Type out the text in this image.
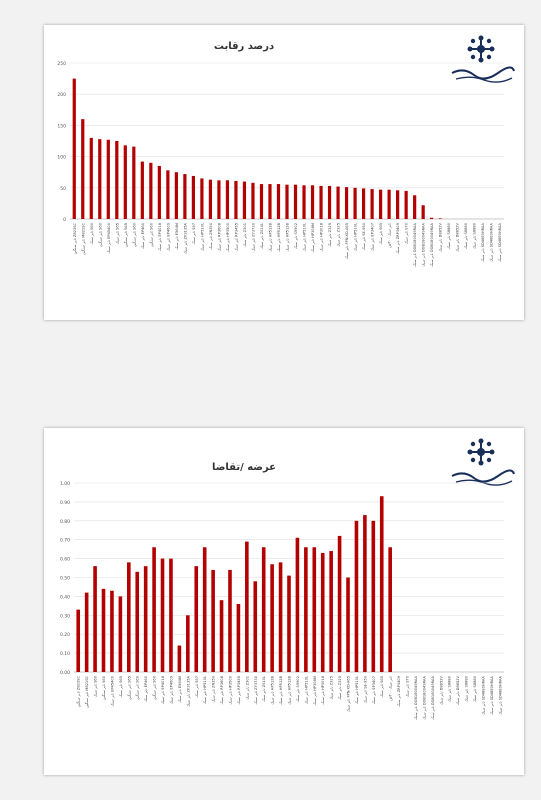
درصد رقابت
0
50
100
150
200
250
تایر سنگین Z823SC
تایر سنگین M821SC تایر سبک S60
تایر سنگین S60
تایر سبک EP45400 تایر سبک S65
تایر سنگین S65
تایر سنگین S60
تایر سبک EP460
تایر سنگین S60
تایر سبک EP4018
تایر سبک EP4609
تایر سبک E564M
تایر سبک ZK3135A تایر سبک S97
تایر سبک HP510L
تایر سبک ZN350
تایر سبک RP3608
تایر سبک HP3500
تایر سبک RP3455
تایر سبک Z301
تایر سبک ZY3730
تایر سبک ZS10L
تایر سبک HP512B
تایر سبک HP512B
تایر سبک HP512B
تایر سبک S9902
تایر سبک HP510L
تایر سبک HP308M
تایر سبک HP3018
تایر سبک Z325
تایر سبک Z325
تایر سبک FPN-XD-A65 تایر سبک HP510L
تایر سبک SE-950
تایر سبک EP3407
تایر سبک S65
تایر سبک ۳۰۰ش
تایر سبک ZRP3409 تایر سبک S70
تایر سبک DOB180049RAA
تایر سبک DOB180049RAA
تایر سبک DOB180049RAA تایر سبک D8852V
تایر سبک S8880
تایر سبک D8852V
تایر سبک S8880
تایر سبک S8880
تایر سبک SD48E0HRAA
تایر سبک SD48E0HRAA
تایر سبک SD48E0HRAA
عرضه /تقاضا
0.00
0.10
0.20
0.30
0.40
0.50
0.60
0.70
0.80
0.90
1.00
تایر سنگین Z823SC
تایر سنگین M821SC تایر سبک S60
تایر سنگین S60
تایر سبک EP45400 تایر سبک S65
تایر سنگین S65
تایر سنگین S60
تایر سبک EP460
تایر سنگین S60
تایر سبک EP4018
تایر سبک EP4609
تایر سبک E564M
تایر سبک ZK3135A تایر سبک S97
تایر سبک HP510L
تایر سبک ZN350
تایر سبک RP3608
تایر سبک HP3500
تایر سبک RP3455
تایر سبک Z301
تایر سبک ZY3730
تایر سبک ZS10L
تایر سبک HP512B
تایر سبک HP512B
تایر سبک HP512B
تایر سبک S9902
تایر سبک HP510L
تایر سبک HP308M
تایر سبک HP3018
تایر سبک Z325
تایر سبک Z325
تایر سبک FPN-XD-A65 تایر سبک HP510L
تایر سبک SE-950
تایر سبک EP3407
تایر سبک S65
تایر سبک ۳۰۰ش
تایر سبک ZRP3409 تایر سبک S70
تایر سبک DOB180049RAA
تایر سبک DOB180049RAA
تایر سبک DOB180049RAA تایر سبک D8852V
تایر سبک S8880
تایر سبک D8852V
تایر سبک S8880
تایر سبک S8880
تایر سبک SD48E0HRAA
تایر سبک SD48E0HRAA
تایر سبک SD48E0HRAA
